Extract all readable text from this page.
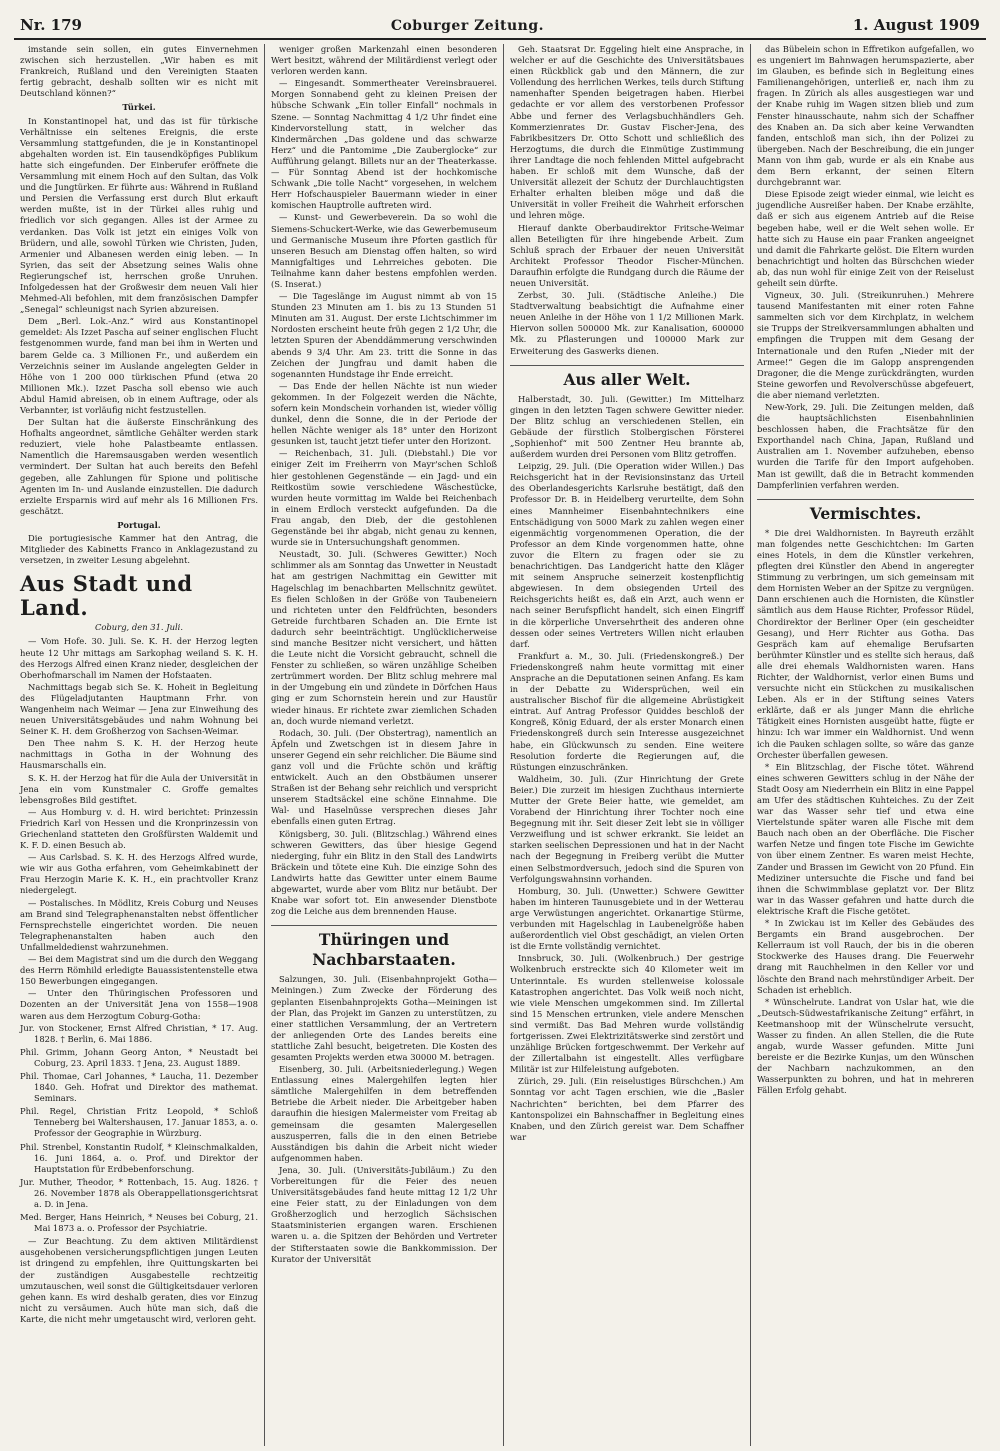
Nr. 179	Coburger Zeitung.	1. August 1909

imstande sein sollen, ein gutes Einvernehmen zwischen sich herzustellen. „Wir haben es mit Frankreich, Rußland und den Vereinigten Staaten fertig gebracht, deshalb sollten wir es nicht mit Deutschland können?“

Türkei.

In Konstantinopel hat, und das ist für türkische Verhältnisse ein seltenes Ereignis, die erste Versammlung stattgefunden, die je in Konstantinopel abgehalten worden ist. Ein tausendköpfiges Publikum hatte sich eingefunden. Der Einberufer eröffnete die Versammlung mit einem Hoch auf den Sultan, das Volk und die Jungtürken. Er führte aus: Während in Rußland und Persien die Verfassung erst durch Blut erkauft werden mußte, ist in der Türkei alles ruhig und friedlich vor sich gegangen. Alles ist der Armee zu verdanken. Das Volk ist jetzt ein einiges Volk von Brüdern, und alle, sowohl Türken wie Christen, Juden, Armenier und Albanesen werden einig leben. — In Syrien, das seit der Absetzung seines Walis ohne Regierungschef ist, herrschen große Unruhen. Infolgedessen hat der Großwesir dem neuen Vali hier Mehmed-Ali befohlen, mit dem französischen Dampfer „Senegal“ schleunigst nach Syrien abzureisen.

Dem „Berl. Lok.-Anz.“ wird aus Konstantinopel gemeldet: Als Izzet Pascha auf seiner englischen Flucht festgenommen wurde, fand man bei ihm in Werten und barem Gelde ca. 3 Millionen Fr., und außerdem ein Verzeichnis seiner im Auslande angelegten Gelder in Höhe von 1 200 000 türkischen Pfund (etwa 20 Millionen Mk.). Izzet Pascha soll ebenso wie auch Abdul Hamid abreisen, ob in einem Auftrage, oder als Verbannter, ist vorläufig nicht festzustellen.

Der Sultan hat die äußerste Einschränkung des Hofhalts angeordnet, sämtliche Gehälter werden stark reduziert, viele hohe Palastbeamte entlassen. Namentlich die Haremsausgaben werden wesentlich vermindert. Der Sultan hat auch bereits den Befehl gegeben, alle Zahlungen für Spione und politische Agenten im In- und Auslande einzustellen. Die dadurch erzielte Ersparnis wird auf mehr als 16 Millionen Frs. geschätzt.

Portugal.

Die portugiesische Kammer hat den Antrag, die Mitglieder des Kabinetts Franco in Anklagezustand zu versetzen, in zweiter Lesung abgelehnt.

Aus Stadt und Land.
Coburg, den 31. Juli.

— Vom Hofe. 30. Juli. Se. K. H. der Herzog legten heute 12 Uhr mittags am Sarkophag weiland S. K. H. des Herzogs Alfred einen Kranz nieder, desgleichen der Oberhofmarschall im Namen der Hofstaaten.

Nachmittags begab sich Se. K. Hoheit in Begleitung des Flügeladjutanten Hauptmann Frhr. von Wangenheim nach Weimar — Jena zur Einweihung des neuen Universitätsgebäudes und nahm Wohnung bei Seiner K. H. dem Großherzog von Sachsen-Weimar.

Den Thee nahm S. K. H. der Herzog heute nachmittags in Gotha in der Wohnung des Hausmarschalls ein.

S. K. H. der Herzog hat für die Aula der Universität in Jena ein vom Kunstmaler C. Groffe gemaltes lebensgroßes Bild gestiftet.

— Aus Homburg v. d. H. wird berichtet: Prinzessin Friedrich Karl von Hessen und die Kronprinzessin von Griechenland statteten den Großfürsten Waldemit und K. F. D. einen Besuch ab.

— Aus Carlsbad. S. K. H. des Herzogs Alfred wurde, wie wir aus Gotha erfahren, vom Geheimkabinett der Frau Herzogin Marie K. K. H., ein prachtvoller Kranz niedergelegt.

— Postalisches. In Mödlitz, Kreis Coburg und Neuses am Brand sind Telegraphenanstalten nebst öffentlicher Fernsprechstelle eingerichtet worden. Die neuen Telegraphenanstalten haben auch den Unfallmeldedienst wahrzunehmen.

— Bei dem Magistrat sind um die durch den Weggang des Herrn Römhild erledigte Bauassistentenstelle etwa 150 Bewerbungen eingegangen.

— Unter den Thüringischen Professoren und Dozenten an der Universität Jena von 1558—1908 waren aus dem Herzogtum Coburg-Gotha:

Jur. von Stockener, Ernst Alfred Christian, * 17. Aug. 1828. † Berlin, 6. Mai 1886.
Phil. Grimm, Johann Georg Anton, * Neustadt bei Coburg, 23. April 1833. † Jena, 23. August 1889.
Phil. Thomae, Carl Johannes, * Laucha, 11. Dezember 1840. Geh. Hofrat und Direktor des mathemat. Seminars.
Phil. Regel, Christian Fritz Leopold, * Schloß Tenneberg bei Waltershausen, 17. Januar 1853, a. o. Professor der Geographie in Würzburg.
Phil. Strenbel, Konstantin Rudolf, * Kleinschmalkalden, 16. Juni 1864, a. o. Prof. und Direktor der Hauptstation für Erdbebenforschung.
Jur. Muther, Theodor, * Rottenbach, 15. Aug. 1826. † 26. November 1878 als Oberappellationsgerichtsrat a. D. in Jena.
Med. Berger, Hans Heinrich, * Neuses bei Coburg, 21. Mai 1873 a. o. Professor der Psychiatrie.

— Zur Beachtung. Zu dem aktiven Militärdienst ausgehobenen versicherungspflichtigen jungen Leuten ist dringend zu empfehlen, ihre Quittungskarten bei der zuständigen Ausgabestelle rechtzeitig umzutauschen, weil sonst die Gültigkeitsdauer verloren gehen kann. Es wird deshalb geraten, dies vor Einzug nicht zu versäumen. Auch hüte man sich, daß die Karte, die nicht mehr umgetauscht wird, verloren geht.

weniger großen Markenzahl einen besonderen Wert besitzt, während der Militärdienst verlegt oder verloren werden kann.

— Eingesandt. Sommertheater Vereinsbrauerei. Morgen Sonnabend geht zu kleinen Preisen der hübsche Schwank „Ein toller Einfall“ nochmals in Szene. — Sonntag Nachmittag 4 1/2 Uhr findet eine Kindervorstellung statt, in welcher das Kindermärchen „Das goldene und das schwarze Herz“ und die Pantomime „Die Zauberglocke“ zur Aufführung gelangt. Billets nur an der Theaterkasse. — Für Sonntag Abend ist der hochkomische Schwank „Die tolle Nacht“ vorgesehen, in welchem Herr Hofschauspieler Bauermann wieder in einer komischen Hauptrolle auftreten wird.

— Kunst- und Gewerbeverein. Da so wohl die Siemens-Schuckert-Werke, wie das Gewerbemuseum und Germanische Museum ihre Pforten gastlich für unseren Besuch am Dienstag offen halten, so wird Mannigfaltiges und Lehrreiches geboten. Die Teilnahme kann daher bestens empfohlen werden. (S. Inserat.)

— Die Tageslänge im August nimmt ab von 15 Stunden 23 Minuten am 1. bis zu 13 Stunden 51 Minuten am 31. August. Der erste Lichtschimmer im Nordosten erscheint heute früh gegen 2 1/2 Uhr, die letzten Spuren der Abenddämmerung verschwinden abends 9 3/4 Uhr. Am 23. tritt die Sonne in das Zeichen der Jungfrau und damit haben die sogenannten Hundstage ihr Ende erreicht.

— Das Ende der hellen Nächte ist nun wieder gekommen. In der Folgezeit werden die Nächte, sofern kein Mondschein vorhanden ist, wieder völlig dunkel, denn die Sonne, die in der Periode der hellen Nächte weniger als 18° unter den Horizont gesunken ist, taucht jetzt tiefer unter den Horizont.

— Reichenbach, 31. Juli. (Diebstahl.) Die vor einiger Zeit im Freiherrn von Mayr'schen Schloß hier gestohlenen Gegenstände — ein Jagd- und ein Reitkostüm sowie verschiedene Wäschestücke, wurden heute vormittag im Walde bei Reichenbach in einem Erdloch versteckt aufgefunden. Da die Frau angab, den Dieb, der die gestohlenen Gegenstände bei ihr abgab, nicht genau zu kennen, wurde sie in Untersuchungshaft genommen.

Neustadt, 30. Juli. (Schweres Gewitter.) Noch schlimmer als am Sonntag das Unwetter in Neustadt hat am gestrigen Nachmittag ein Gewitter mit Hagelschlag im benachbarten Mellschnitz gewütet. Es fielen Schloßen in der Größe von Taubeneiern und richteten unter den Feldfrüchten, besonders Getreide furchtbaren Schaden an. Die Ernte ist dadurch sehr beeinträchtigt. Unglücklicherweise sind manche Besitzer nicht versichert, und hätten die Leute nicht die Vorsicht gebraucht, schnell die Fenster zu schließen, so wären unzählige Scheiben zertrümmert worden. Der Blitz schlug mehrere mal in der Umgebung ein und zündete in Dörfchen Haus ging er zum Schornstein herein und zur Haustür wieder hinaus. Er richtete zwar ziemlichen Schaden an, doch wurde niemand verletzt.

Rodach, 30. Juli. (Der Obstertrag), namentlich an Äpfeln und Zwetschgen ist in diesem Jahre in unserer Gegend ein sehr reichlicher. Die Bäume sind ganz voll und die Früchte schön und kräftig entwickelt. Auch an den Obstbäumen unserer Straßen ist der Behang sehr reichlich und verspricht unserem Stadtsäckel eine schöne Einnahme. Die Wal- und Haselnüsse versprechen dieses Jahr ebenfalls einen guten Ertrag.

Königsberg, 30. Juli. (Blitzschlag.) Während eines schweren Gewitters, das über hiesige Gegend niederging, fuhr ein Blitz in den Stall des Landwirts Bräckein und tötete eine Kuh. Die einzige Sohn des Landwirts hatte das Gewitter unter einem Baume abgewartet, wurde aber vom Blitz nur betäubt. Der Knabe war sofort tot. Ein anwesender Dienstbote zog die Leiche aus dem brennenden Hause.

Thüringen und Nachbarstaaten.

Salzungen, 30. Juli. (Eisenbahnprojekt Gotha—Meiningen.) Zum Zwecke der Förderung des geplanten Eisenbahnprojekts Gotha—Meiningen ist der Plan, das Projekt im Ganzen zu unterstützen, zu einer stattlichen Versammlung, der an Vertretern der anliegenden Orte des Landes bereits eine stattliche Zahl besucht, beigetreten. Die Kosten des gesamten Projekts werden etwa 30000 M. betragen.

Eisenberg, 30. Juli. (Arbeitsniederlegung.) Wegen Entlassung eines Malergehilfen legten hier sämtliche Malergehilfen in dem betreffenden Betriebe die Arbeit nieder. Die Arbeitgeber haben daraufhin die hiesigen Malermeister vom Freitag ab gemeinsam die gesamten Malergesellen auszusperren, falls die in den einen Betriebe Ausständigen bis dahin die Arbeit nicht wieder aufgenommen haben.

Jena, 30. Juli. (Universitäts-Jubiläum.) Zu den Vorbereitungen für die Feier des neuen Universitätsgebäudes fand heute mittag 12 1/2 Uhr eine Feier statt, zu der Einladungen von dem Großherzoglich und herzoglich Sächsischen Staatsministerien ergangen waren. Erschienen waren u. a. die Spitzen der Behörden und Vertreter der Stifterstaaten sowie die Bankkommission. Der Kurator der Universität

Geh. Staatsrat Dr. Eggeling hielt eine Ansprache, in welcher er auf die Geschichte des Universitätsbaues einen Rückblick gab und den Männern, die zur Vollendung des herrlichen Werkes, teils durch Stiftung namenhafter Spenden beigetragen haben. Hierbei gedachte er vor allem des verstorbenen Professor Abbe und ferner des Verlagsbuchhändlers Geh. Kommerzienrates Dr. Gustav Fischer-Jena, des Fabrikbesitzers Dr. Otto Schott und schließlich des Herzogtums, die durch die Einmütige Zustimmung ihrer Landtage die noch fehlenden Mittel aufgebracht haben. Er schloß mit dem Wunsche, daß der Universität allezeit der Schutz der Durchlauchtigsten Erhalter erhalten bleiben möge und daß die Universität in voller Freiheit die Wahrheit erforschen und lehren möge.

Hierauf dankte Oberbaudirektor Fritsche-Weimar allen Beteiligten für ihre hingebende Arbeit. Zum Schluß sprach der Erbauer der neuen Universität Architekt Professor Theodor Fischer-München. Daraufhin erfolgte die Rundgang durch die Räume der neuen Universität.

Zerbst, 30. Juli. (Städtische Anleihe.) Die Stadtverwaltung beabsichtigt die Aufnahme einer neuen Anleihe in der Höhe von 1 1/2 Millionen Mark. Hiervon sollen 500000 Mk. zur Kanalisation, 600000 Mk. zu Pflasterungen und 100000 Mark zur Erweiterung des Gaswerks dienen.

Aus aller Welt.

Halberstadt, 30. Juli. (Gewitter.) Im Mittelharz gingen in den letzten Tagen schwere Gewitter nieder. Der Blitz schlug an verschiedenen Stellen, ein Gebäude der fürstlich Stolbergischen Försterei „Sophienhof“ mit 500 Zentner Heu brannte ab, außerdem wurden drei Personen vom Blitz getroffen.

Leipzig, 29. Juli. (Die Operation wider Willen.) Das Reichsgericht hat in der Revisionsinstanz das Urteil des Oberlandesgerichts Karlsruhe bestätigt, daß den Professor Dr. B. in Heidelberg verurteilte, dem Sohn eines Mannheimer Eisenbahntechnikers eine Entschädigung von 5000 Mark zu zahlen wegen einer eigenmächtig vorgenommenen Operation, die der Professor an dem Kinde vorgenommen hatte, ohne zuvor die Eltern zu fragen oder sie zu benachrichtigen. Das Landgericht hatte den Kläger mit seinem Anspruche seinerzeit kostenpflichtig abgewiesen. In dem obsiegenden Urteil des Reichsgerichts heißt es, daß ein Arzt, auch wenn er nach seiner Berufspflicht handelt, sich einen Eingriff in die körperliche Unversehrtheit des anderen ohne dessen oder seines Vertreters Willen nicht erlauben darf.

Frankfurt a. M., 30. Juli. (Friedenskongreß.) Der Friedenskongreß nahm heute vormittag mit einer Ansprache an die Deputationen seinen Anfang. Es kam in der Debatte zu Widersprüchen, weil ein australischer Bischof für die allgemeine Abrüstigkeit eintrat. Auf Antrag Professor Quiddes beschloß der Kongreß, König Eduard, der als erster Monarch einen Friedenskongreß durch sein Interesse ausgezeichnet habe, ein Glückwunsch zu senden. Eine weitere Resolution forderte die Regierungen auf, die Rüstungen einzuschränken.

Waldheim, 30. Juli. (Zur Hinrichtung der Grete Beier.) Die zurzeit im hiesigen Zuchthaus internierte Mutter der Grete Beier hatte, wie gemeldet, am Vorabend der Hinrichtung ihrer Tochter noch eine Begegnung mit ihr. Seit dieser Zeit lebt sie in völliger Verzweiflung und ist schwer erkrankt. Sie leidet an starken seelischen Depressionen und hat in der Nacht nach der Begegnung in Freiberg verübt die Mutter einen Selbstmordversuch, jedoch sind die Spuren von Verfolgungswahnsinn vorhanden.

Homburg, 30. Juli. (Unwetter.) Schwere Gewitter haben im hinteren Taunusgebiete und in der Wetterau arge Verwüstungen angerichtet. Orkanartige Stürme, verbunden mit Hagelschlag in Laubenelgröße haben außerordentlich viel Obst geschädigt, an vielen Orten ist die Ernte vollständig vernichtet.

Innsbruck, 30. Juli. (Wolkenbruch.) Der gestrige Wolkenbruch erstreckte sich 40 Kilometer weit im Unterinntale. Es wurden stellenweise kolossale Katastrophen angerichtet. Das Volk weiß noch nicht, wie viele Menschen umgekommen sind. Im Zillertal sind 15 Menschen ertrunken, viele andere Menschen sind vermißt. Das Bad Mehren wurde vollständig fortgerissen. Zwei Elektrizitätswerke sind zerstört und unzählige Brücken fortgeschwemmt. Der Verkehr auf der Zillertalbahn ist eingestellt. Alles verfügbare Militär ist zur Hilfeleistung aufgeboten.

Zürich, 29. Juli. (Ein reiselustiges Bürschchen.) Am Sonntag vor acht Tagen erschien, wie die „Basler Nachrichten“ berichten, bei dem Pfarrer des Kantonspolizei ein Bahnschaffner in Begleitung eines Knaben, und den Zürich gereist war. Dem Schaffner war

das Bübelein schon in Effretikon aufgefallen, wo es ungeniert im Bahnwagen herumspazierte, aber im Glauben, es befinde sich in Begleitung eines Familienangehörigen, unterließ er, nach ihm zu fragen. In Zürich als alles ausgestiegen war und der Knabe ruhig im Wagen sitzen blieb und zum Fenster hinausschaute, nahm sich der Schaffner des Knaben an. Da sich aber keine Verwandten fanden, entschloß man sich, ihn der Polizei zu übergeben. Nach der Beschreibung, die ein junger Mann von ihm gab, wurde er als ein Knabe aus dem Bern erkannt, der seinen Eltern durchgebrannt war.

Diese Episode zeigt wieder einmal, wie leicht es jugendliche Ausreißer haben. Der Knabe erzählte, daß er sich aus eigenem Antrieb auf die Reise begeben habe, weil er die Welt sehen wolle. Er hatte sich zu Hause ein paar Franken angeeignet und damit die Fahrkarte gelöst. Die Eltern wurden benachrichtigt und holten das Bürschchen wieder ab, das nun wohl für einige Zeit von der Reiselust geheilt sein dürfte.

Vigneux, 30. Juli. (Streikunruhen.) Mehrere tausend Manifestanten mit einer roten Fahne sammelten sich vor dem Kirchplatz, in welchem sie Trupps der Streikversammlungen abhalten und empfingen die Truppen mit dem Gesang der Internationale und den Rufen „Nieder mit der Armee!“ Gegen die im Galopp ansprengenden Dragoner, die die Menge zurückdrängten, wurden Steine geworfen und Revolverschüsse abgefeuert, die aber niemand verletzten.

New-York, 29. Juli. Die Zeitungen melden, daß die hauptsächlichsten Eisenbahnlinien beschlossen haben, die Frachtsätze für den Exporthandel nach China, Japan, Rußland und Australien am 1. November aufzuheben, ebenso wurden die Tarife für den Import aufgehoben. Man ist gewillt, daß die in Betracht kommenden Dampferlinien verfahren werden.

Vermischtes.

* Die drei Waldhornisten. In Bayreuth erzählt man folgendes nette Geschichtchen: Im Garten eines Hotels, in dem die Künstler verkehren, pflegten drei Künstler den Abend in angeregter Stimmung zu verbringen, um sich gemeinsam mit dem Hornisten Weber an der Spitze zu vergnügen. Dann erschienen auch die Hornisten, die Künstler sämtlich aus dem Hause Richter, Professor Rüdel, Chordirektor der Berliner Oper (ein gescheidter Gesang), und Herr Richter aus Gotha. Das Gespräch kam auf ehemalige Berufsarten berühmter Künstler und es stellte sich heraus, daß alle drei ehemals Waldhornisten waren. Hans Richter, der Waldhornist, verlor einen Bums und versuchte nicht ein Stückchen zu musikalischen Leben. Als er in der Stiftung seines Vaters erklärte, daß er als junger Mann die ehrliche Tätigkeit eines Hornisten ausgeübt hatte, fügte er hinzu: Ich war immer ein Waldhornist. Und wenn ich die Pauken schlagen sollte, so wäre das ganze Orchester überfallen gewesen.

* Ein Blitzschlag, der Fische tötet. Während eines schweren Gewitters schlug in der Nähe der Stadt Oosy am Niederrhein ein Blitz in eine Pappel am Ufer des städtischen Kuhteiches. Zu der Zeit war das Wasser sehr tief und etwa eine Viertelstunde später waren alle Fische mit dem Bauch nach oben an der Oberfläche. Die Fischer warfen Netze und fingen tote Fische im Gewichte von über einem Zentner. Es waren meist Hechte, Zander und Brassen im Gewicht von 20 Pfund. Ein Mediziner untersuchte die Fische und fand bei ihnen die Schwimmblase geplatzt vor. Der Blitz war in das Wasser gefahren und hatte durch die elektrische Kraft die Fische getötet.

* In Zwickau ist im Keller des Gebäudes des Bergamts ein Brand ausgebrochen. Der Kellerraum ist voll Rauch, der bis in die oberen Stockwerke des Hauses drang. Die Feuerwehr drang mit Rauchhelmen in den Keller vor und löschte den Brand nach mehrstündiger Arbeit. Der Schaden ist erheblich.

* Wünschelrute. Landrat von Uslar hat, wie die „Deutsch-Südwestafrikanische Zeitung“ erfährt, in Keetmanshoop mit der Wünschelrute versucht, Wasser zu finden. An allen Stellen, die die Rute angab, wurde Wasser gefunden. Mitte Juni bereiste er die Bezirke Kunjas, um den Wünschen der Nachbarn nachzukommen, an den Wasserpunkten zu bohren, und hat in mehreren Fällen Erfolg gehabt.
